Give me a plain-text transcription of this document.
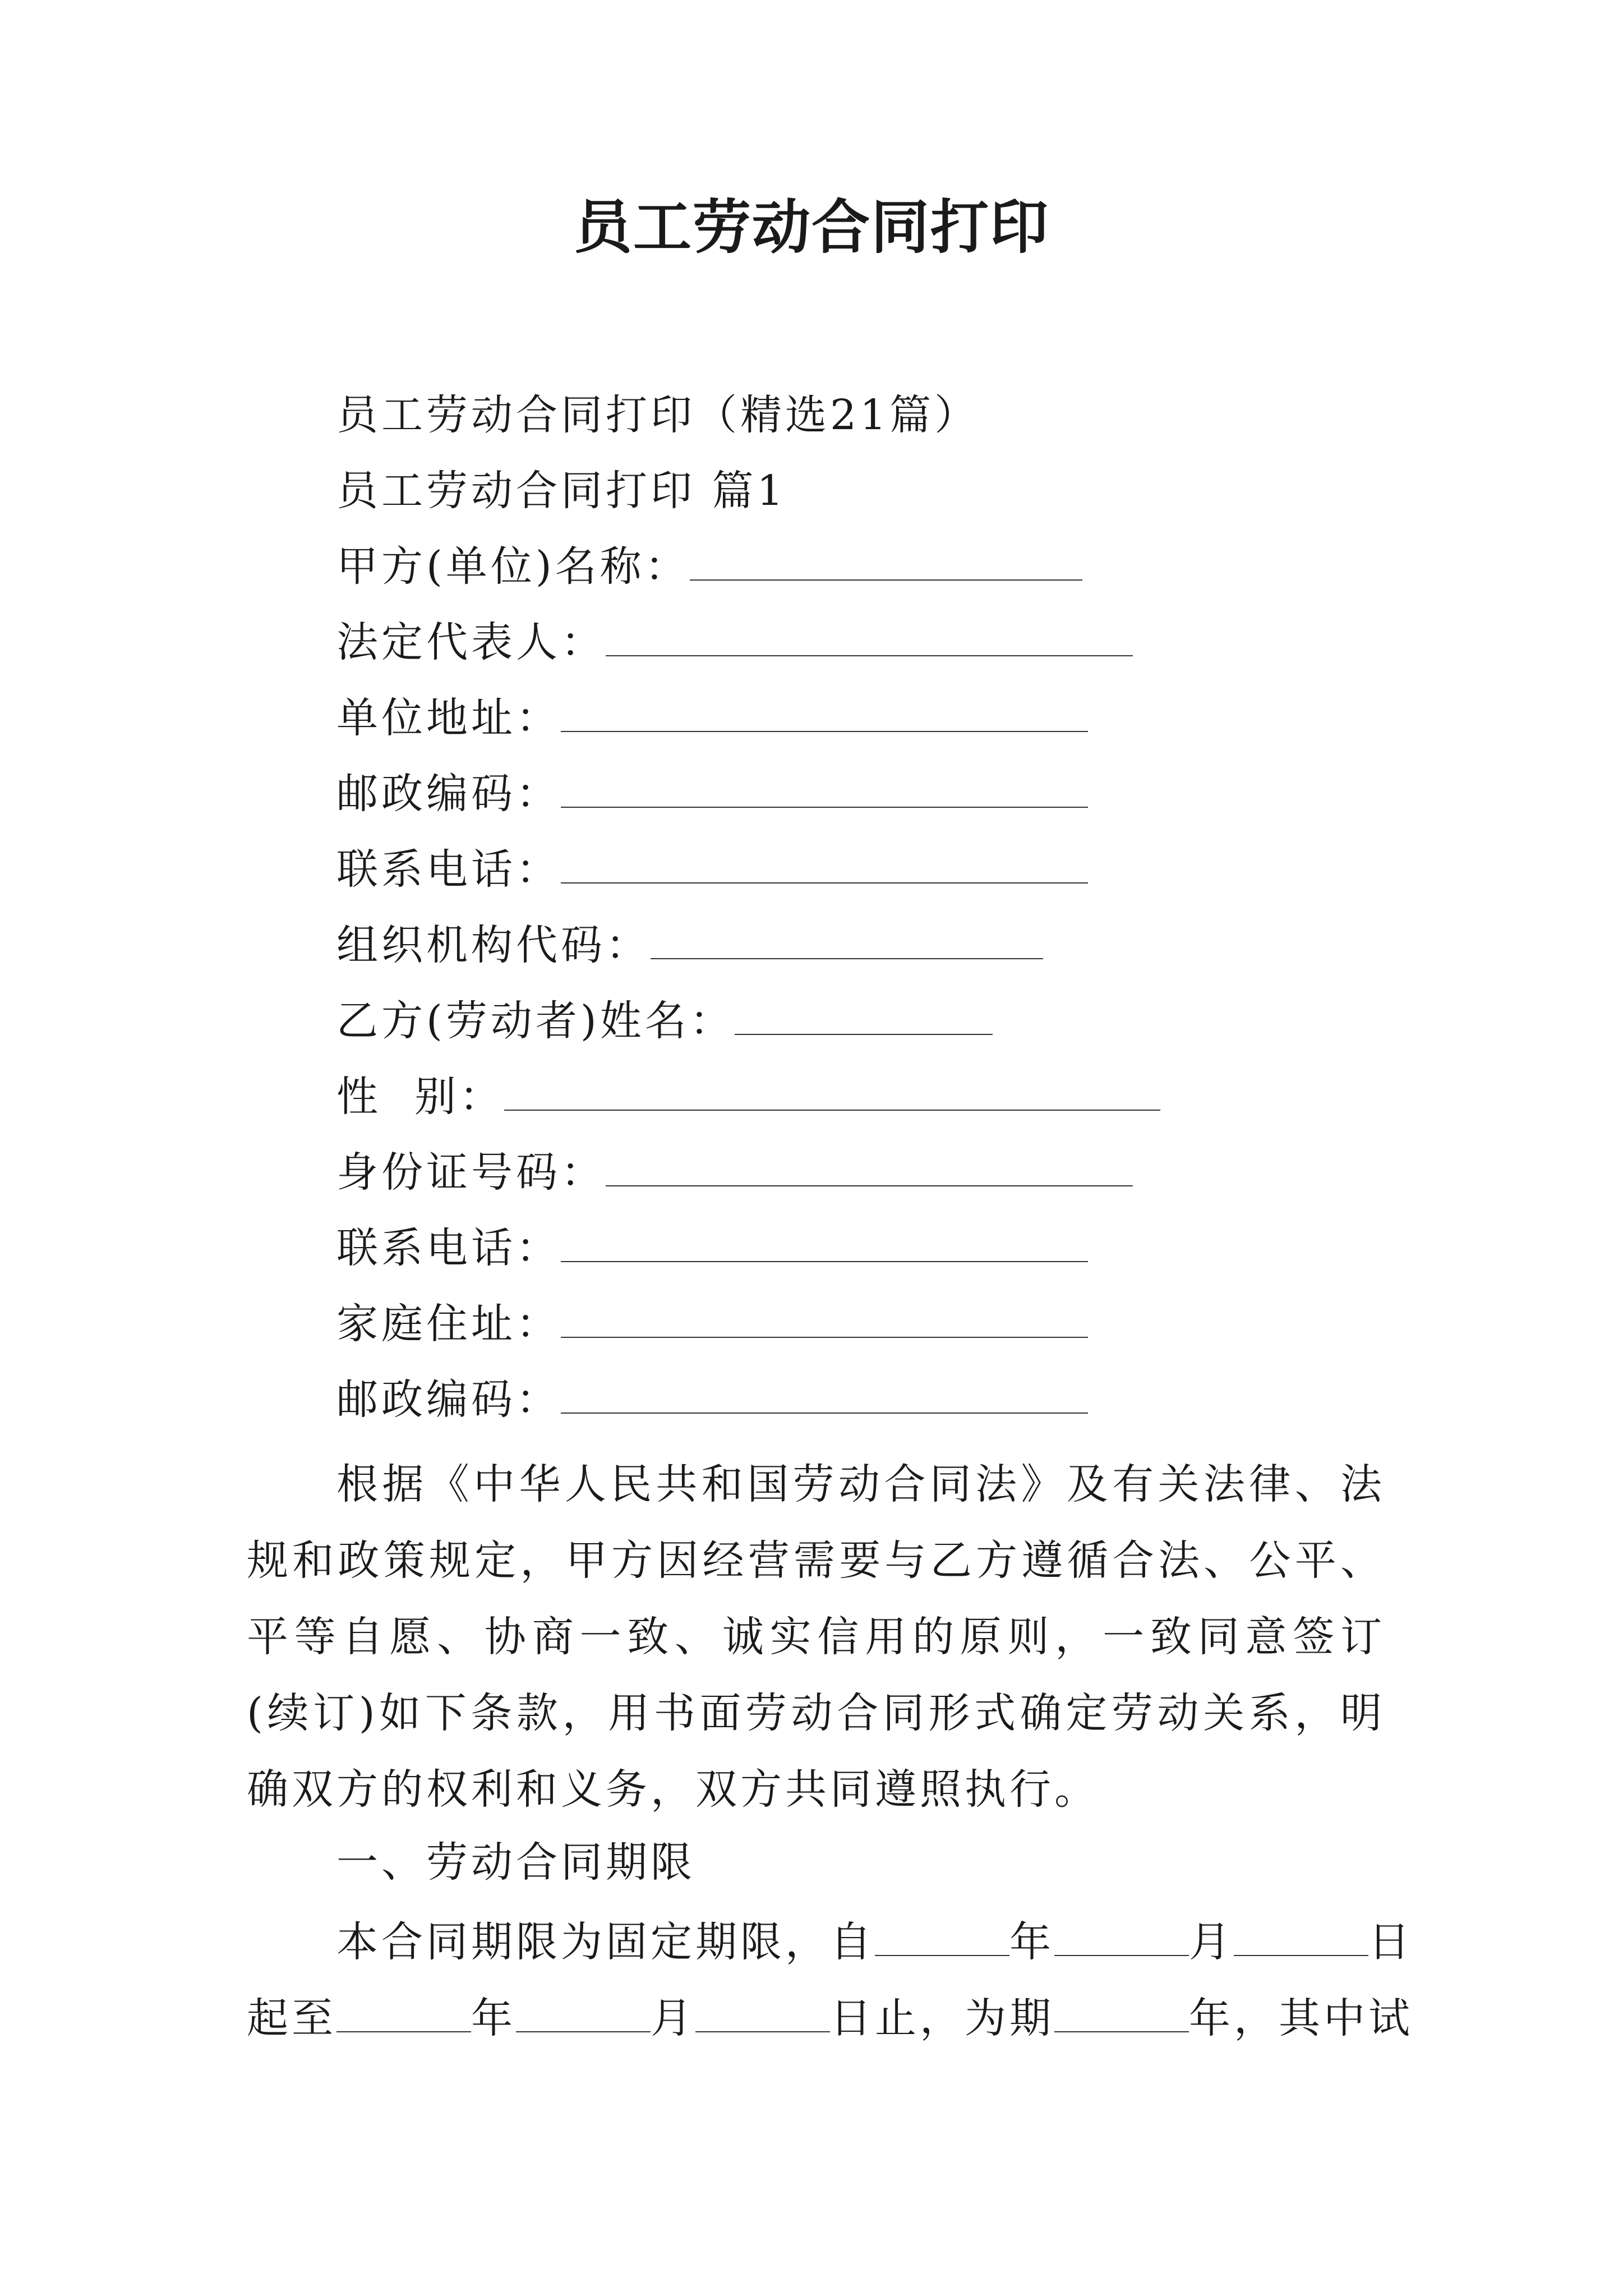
员工劳动合同打印
员工劳动合同打印（精选21篇）
员工劳动合同打印 篇1
甲方(单位)名称：
法定代表人：
单位地址：
邮政编码：
联系电话：
组织机构代码：
乙方(劳动者)姓名：
性  别：
身份证号码：
联系电话：
家庭住址：
邮政编码：
根据《中华人民共和国劳动合同法》及有关法律、法规和政策规定，甲方因经营需要与乙方遵循合法、公平、平等自愿、协商一致、诚实信用的原则，一致同意签订(续订)如下条款，用书面劳动合同形式确定劳动关系，明确双方的权利和义务，双方共同遵照执行。
一、劳动合同期限
本合同期限为固定期限，自	年	月	日
起至	年	月	日止，为期	年，其中试
